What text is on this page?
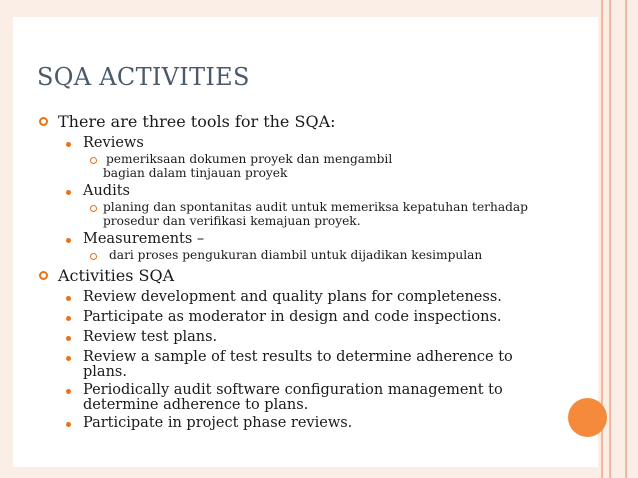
SQA ACTIVITIES
There are three tools for the SQA:
Reviews
pemeriksaan dokumen proyek dan mengambil
bagian dalam tinjauan proyek
Audits
planing dan spontanitas audit untuk memeriksa kepatuhan terhadap
prosedur dan verifikasi kemajuan proyek.
Measurements –
dari proses pengukuran diambil untuk dijadikan kesimpulan
Activities SQA
Review development and quality plans for completeness.
Participate as moderator in design and code inspections.
Review test plans.
Review a sample of test results to determine adherence to
plans.
Periodically audit software configuration management to
determine adherence to plans.
Participate in project phase reviews.
